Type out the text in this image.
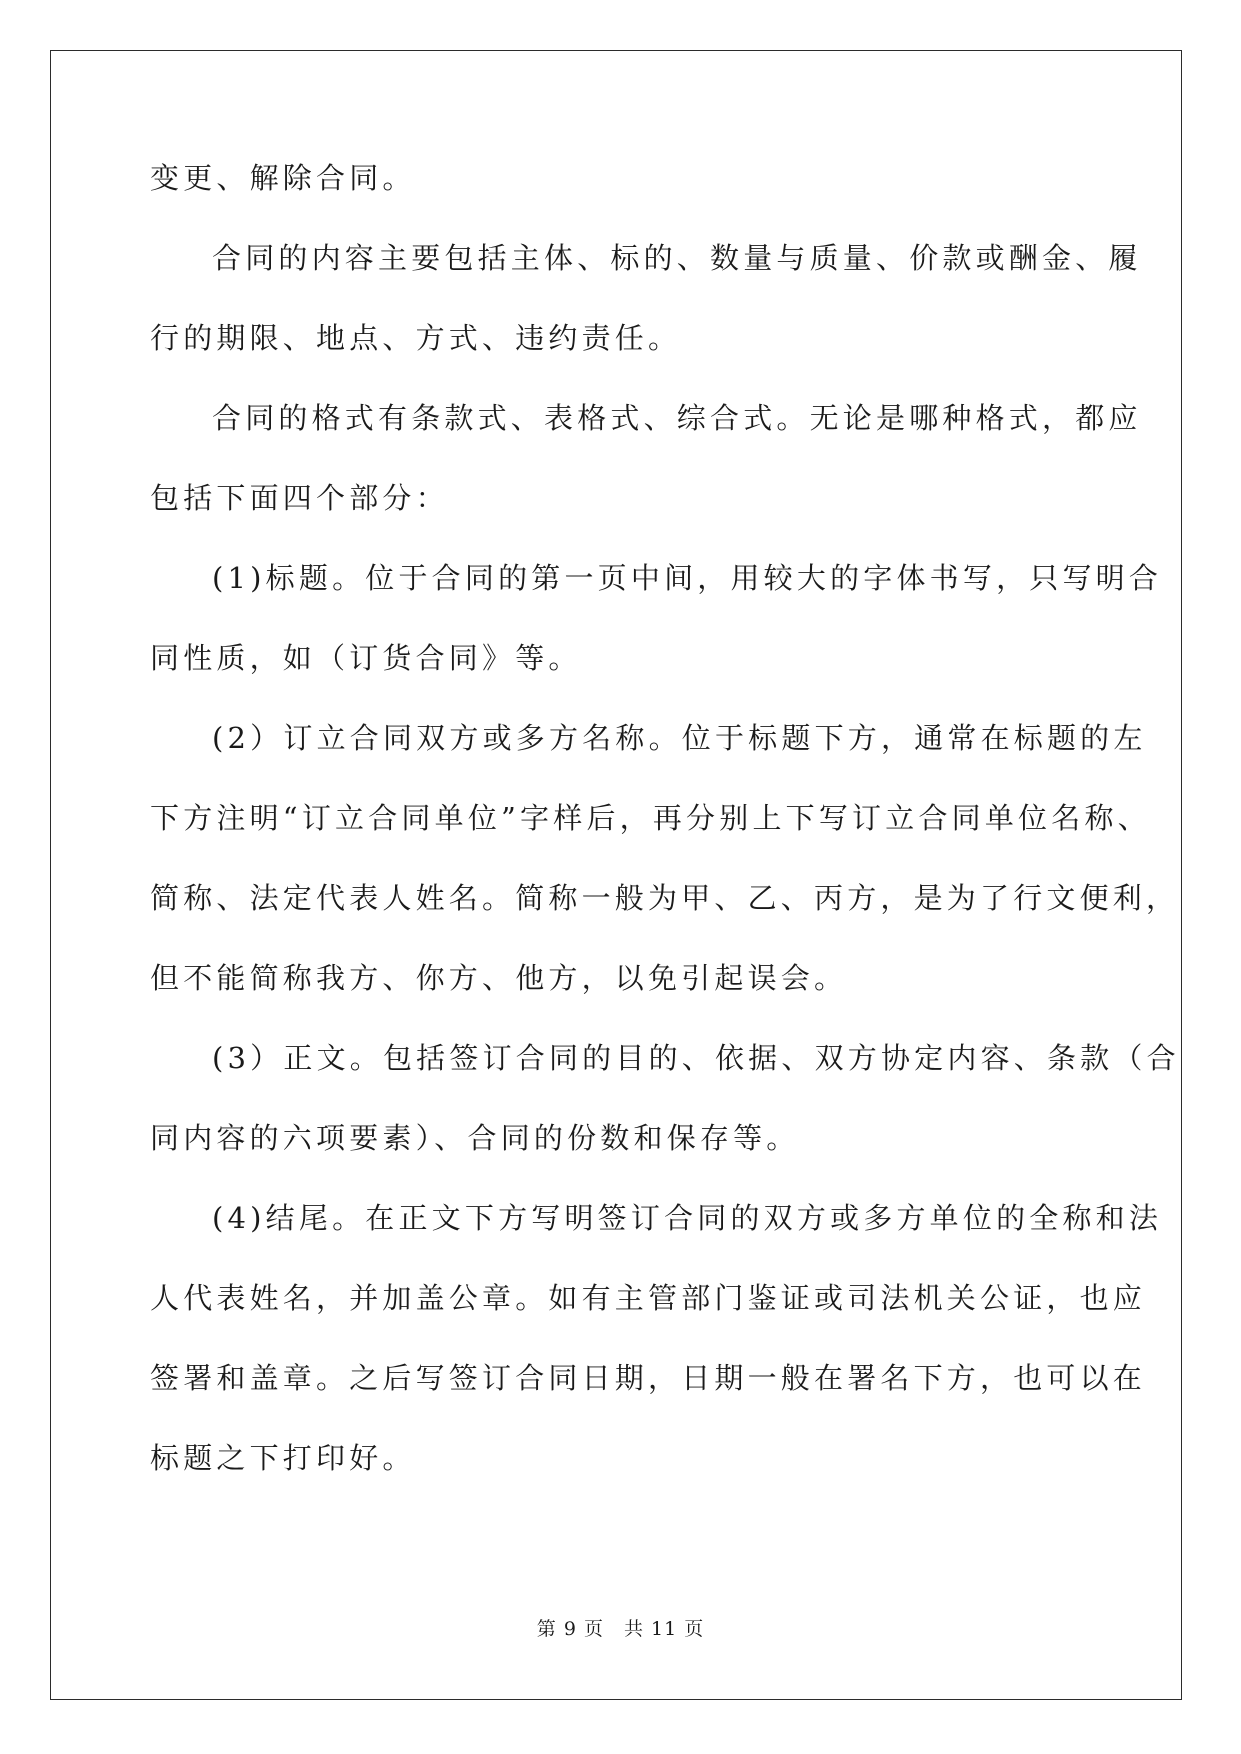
变更、解除合同。
合同的内容主要包括主体、标的、数量与质量、价款或酬金、履
行的期限、地点、方式、违约责任。
合同的格式有条款式、表格式、综合式。无论是哪种格式，都应
包括下面四个部分：
(1)标题。位于合同的第一页中间，用较大的字体书写，只写明合
同性质，如（订货合同》等。
(2）订立合同双方或多方名称。位于标题下方，通常在标题的左
下方注明“订立合同单位”字样后，再分别上下写订立合同单位名称、
简称、法定代表人姓名。简称一般为甲、乙、丙方，是为了行文便利，
但不能简称我方、你方、他方，以免引起误会。
(3）正文。包括签订合同的目的、依据、双方协定内容、条款（合
同内容的六项要素）、合同的份数和保存等。
(4)结尾。在正文下方写明签订合同的双方或多方单位的全称和法
人代表姓名，并加盖公章。如有主管部门鉴证或司法机关公证，也应
签署和盖章。之后写签订合同日期，日期一般在署名下方，也可以在
标题之下打印好。
第 9 页　共 11 页
